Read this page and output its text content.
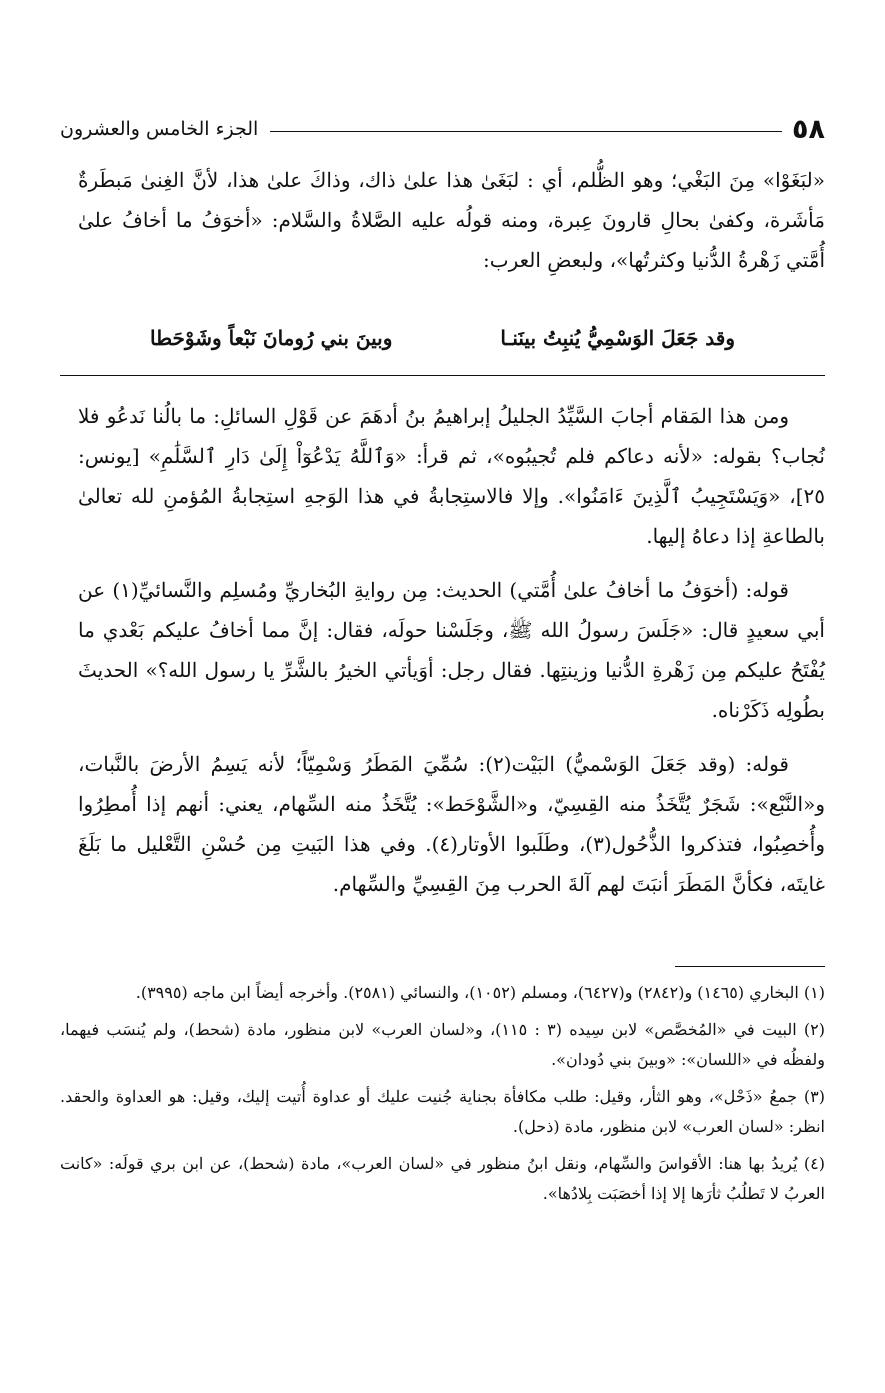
٥٨
الجزء الخامس والعشرون

«لبَغَوْا» مِنَ البَغْي؛ وهو الظُّلم، أي : لبَغَىٰ هذا علىٰ ذاك، وذاكَ علىٰ هذا، لأنَّ الغِنىٰ مَبطَرةٌ مَأشَرة، وكفىٰ بحالِ قارونَ عِبرة، ومنه قولُه عليه الصَّلاةُ والسَّلام: «أخوَفُ ما أخافُ علىٰ أُمَّتي زَهْرةُ الدُّنيا وكثرتُها»، ولبعضِ العرب:

وقد جَعَلَ الوَسْمِيُّ يُنبِتُ بينَنـا
وبينَ بني رُومانَ نَبْعاً وشَوْحَطا

ومن هذا المَقام أجابَ السَّيِّدُ الجليلُ إبراهيمُ بنُ أدهَمَ عن قَوْلِ السائلِ: ما بالُنا نَدعُو فلا نُجاب؟ بقوله: «لأنه دعاكم فلم تُجيبُوه»، ثم قرأ: «وَٱللَّهُ يَدْعُوٓاْ إِلَىٰ دَارِ ٱلسَّلَٰمِ» [يونس: ٢٥]، «وَيَسْتَجِيبُ ٱلَّذِينَ ءَامَنُوا». وإلا فالاستِجابةُ في هذا الوَجهِ استِجابةُ المُؤمنِ لله تعالىٰ بالطاعةِ إذا دعاهُ إليها.

قوله: (أخوَفُ ما أخافُ علىٰ أُمَّتي) الحديث: مِن روايةِ البُخاريِّ ومُسلِم والنَّسائيِّ(١) عن أبي سعيدٍ قال: «جَلَسَ رسولُ الله ﷺ، وجَلَسْنا حولَه، فقال: إنَّ مما أخافُ عليكم بَعْدي ما يُفْتَحُ عليكم مِن زَهْرةِ الدُّنيا وزينتِها. فقال رجل: أوَيأتي الخيرُ بالشَّرِّ يا رسول الله؟» الحديثَ بطُولِه ذَكَرْناه.

قوله: (وقد جَعَلَ الوَسْميُّ) البَيْت(٢): سُمِّيَ المَطَرُ وَسْمِيّاً؛ لأنه يَسِمُ الأرضَ بالنَّبات، و«النَّبْع»: شَجَرٌ يُتَّخَذُ منه القِسِيّ، و«الشَّوْحَط»: يُتَّخَذُ منه السِّهام، يعني: أنهم إذا أُمطِرُوا وأُخصِبُوا، فتذكروا الذُّحُول(٣)، وطَلَبوا الأوتار(٤). وفي هذا البَيتِ مِن حُسْنِ التَّعْليل ما بَلَغَ غايتَه، فكأنَّ المَطَرَ أنبَتَ لهم آلةَ الحرب مِنَ القِسِيِّ والسِّهام.

(١) البخاري (١٤٦٥) و(٢٨٤٢) و(٦٤٢٧)، ومسلم (١٠٥٢)، والنسائي (٢٥٨١). وأخرجه أيضاً ابن ماجه (٣٩٩٥).

(٢) البيت في «المُخصَّص» لابن سِيده (٣ : ١١٥)، و«لسان العرب» لابن منظور، مادة (شحط)، ولم يُنسَب فيهما، ولفظُه في «اللسان»: «وبينَ بني دُودان».

(٣) جمعُ «ذَحْل»، وهو الثأر، وقيل: طلب مكافأة بجناية جُنيت عليك أو عداوة أُتيت إليك، وقيل: هو العداوة والحقد. انظر: «لسان العرب» لابن منظور، مادة (ذحل).

(٤) يُريدُ بها هنا: الأقواسَ والسِّهام، ونقل ابنُ منظور في «لسان العرب»، مادة (شحط)، عن ابن بري قولَه: «كانت العربُ لا تَطلُبُ ثأرَها إلا إذا أخصَبَت بِلادُها».
